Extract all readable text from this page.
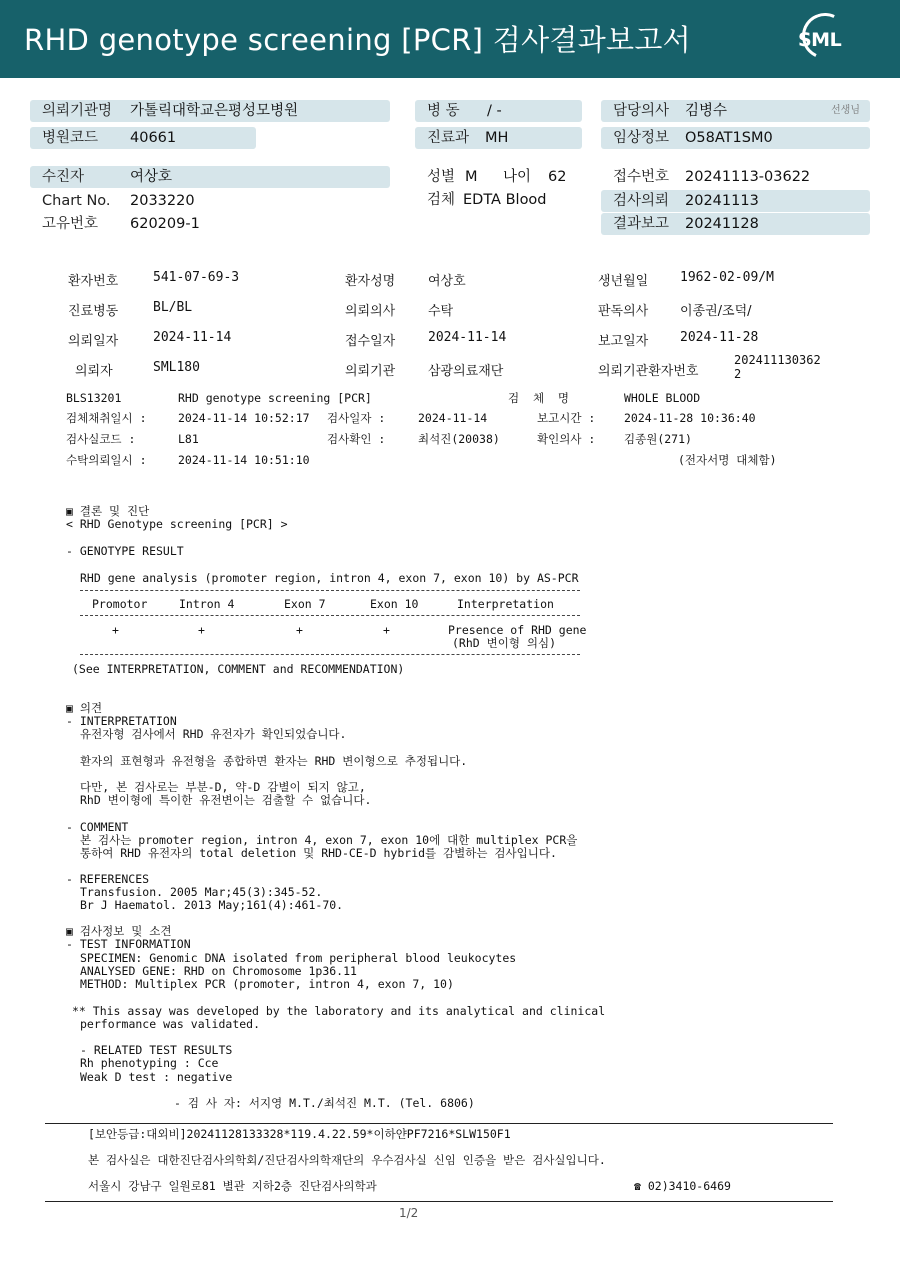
RHD genotype screening [PCR] 검사결과보고서	SML
의뢰기관명 가톨릭대학교은평성모병원
병원코드 40661
병 동 / -
진료과 MH
담당의사 김병수	선생님
임상정보 O58AT1SM0
수진자	여상호
Chart No. 2033220
고유번호 620209-1
성별 M 나이 62
검체 EDTA Blood
접수번호 20241113-03622
검사의뢰 20241113
결과보고 20241128
환자번호	541-07-69-3	환자성명	여상호	생년월일 1962-02-09/M
진료병동	BL/BL	의뢰의사	수탁	판독의사 이종권/조덕/
의뢰일자	2024-11-14	접수일자	2024-11-14	보고일자 2024-11-28
의뢰자	SML180	의뢰기관	삼광의료재단	의뢰기관환자번호
202411130362
2
BLS13201	RHD genotype screening [PCR]	검  체  명	WHOLE BLOOD
검체채취일시 :	2024-11-14 10:52:17 검사일자 :	2024-11-14	보고시간 : 2024-11-28 10:36:40
검사실코드 :	L81	검사확인 :	최석진(20038)	확인의사 : 김종원(271)
수탁의뢰일시 :	2024-11-14 10:51:10	(전자서명 대체함)
▣ 결론 및 진단
< RHD Genotype screening [PCR] >
- GENOTYPE RESULT
RHD gene analysis (promoter region, intron 4, exon 7, exon 10) by AS-PCR
Promotor	Intron 4	Exon 7	Exon 10	Interpretation
+	+	+	+	Presence of RHD gene
(RhD 변이형 의심)
(See INTERPRETATION, COMMENT and RECOMMENDATION)
▣ 의견
- INTERPRETATION
유전자형 검사에서 RHD 유전자가 확인되었습니다.
환자의 표현형과 유전형을 종합하면 환자는 RHD 변이형으로 추정됩니다.
다만, 본 검사로는 부분-D, 약-D 감별이 되지 않고,
RhD 변이형에 특이한 유전변이는 검출할 수 없습니다.
- COMMENT
본 검사는 promoter region, intron 4, exon 7, exon 10에 대한 multiplex PCR을
통하여 RHD 유전자의 total deletion 및 RHD-CE-D hybrid를 감별하는 검사입니다.
- REFERENCES
Transfusion. 2005 Mar;45(3):345-52.
Br J Haematol. 2013 May;161(4):461-70.
▣ 검사정보 및 소견
- TEST INFORMATION
SPECIMEN: Genomic DNA isolated from peripheral blood leukocytes
ANALYSED GENE: RHD on Chromosome 1p36.11
METHOD: Multiplex PCR (promoter, intron 4, exon 7, 10)
** This assay was developed by the laboratory and its analytical and clinical
performance was validated.
- RELATED TEST RESULTS
Rh phenotyping : Cce
Weak D test : negative
- 검 사 자: 서지영 M.T./최석진 M.T. (Tel. 6806)
[보안등급:대외비]20241128133328*119.4.22.59*이하얀PF7216*SLW150F1
본 검사실은 대한진단검사의학회/진단검사의학재단의 우수검사실 신임 인증을 받은 검사실입니다.
서울시 강남구 일원로81 별관 지하2층 진단검사의학과	☎ 02)3410-6469
1/2
